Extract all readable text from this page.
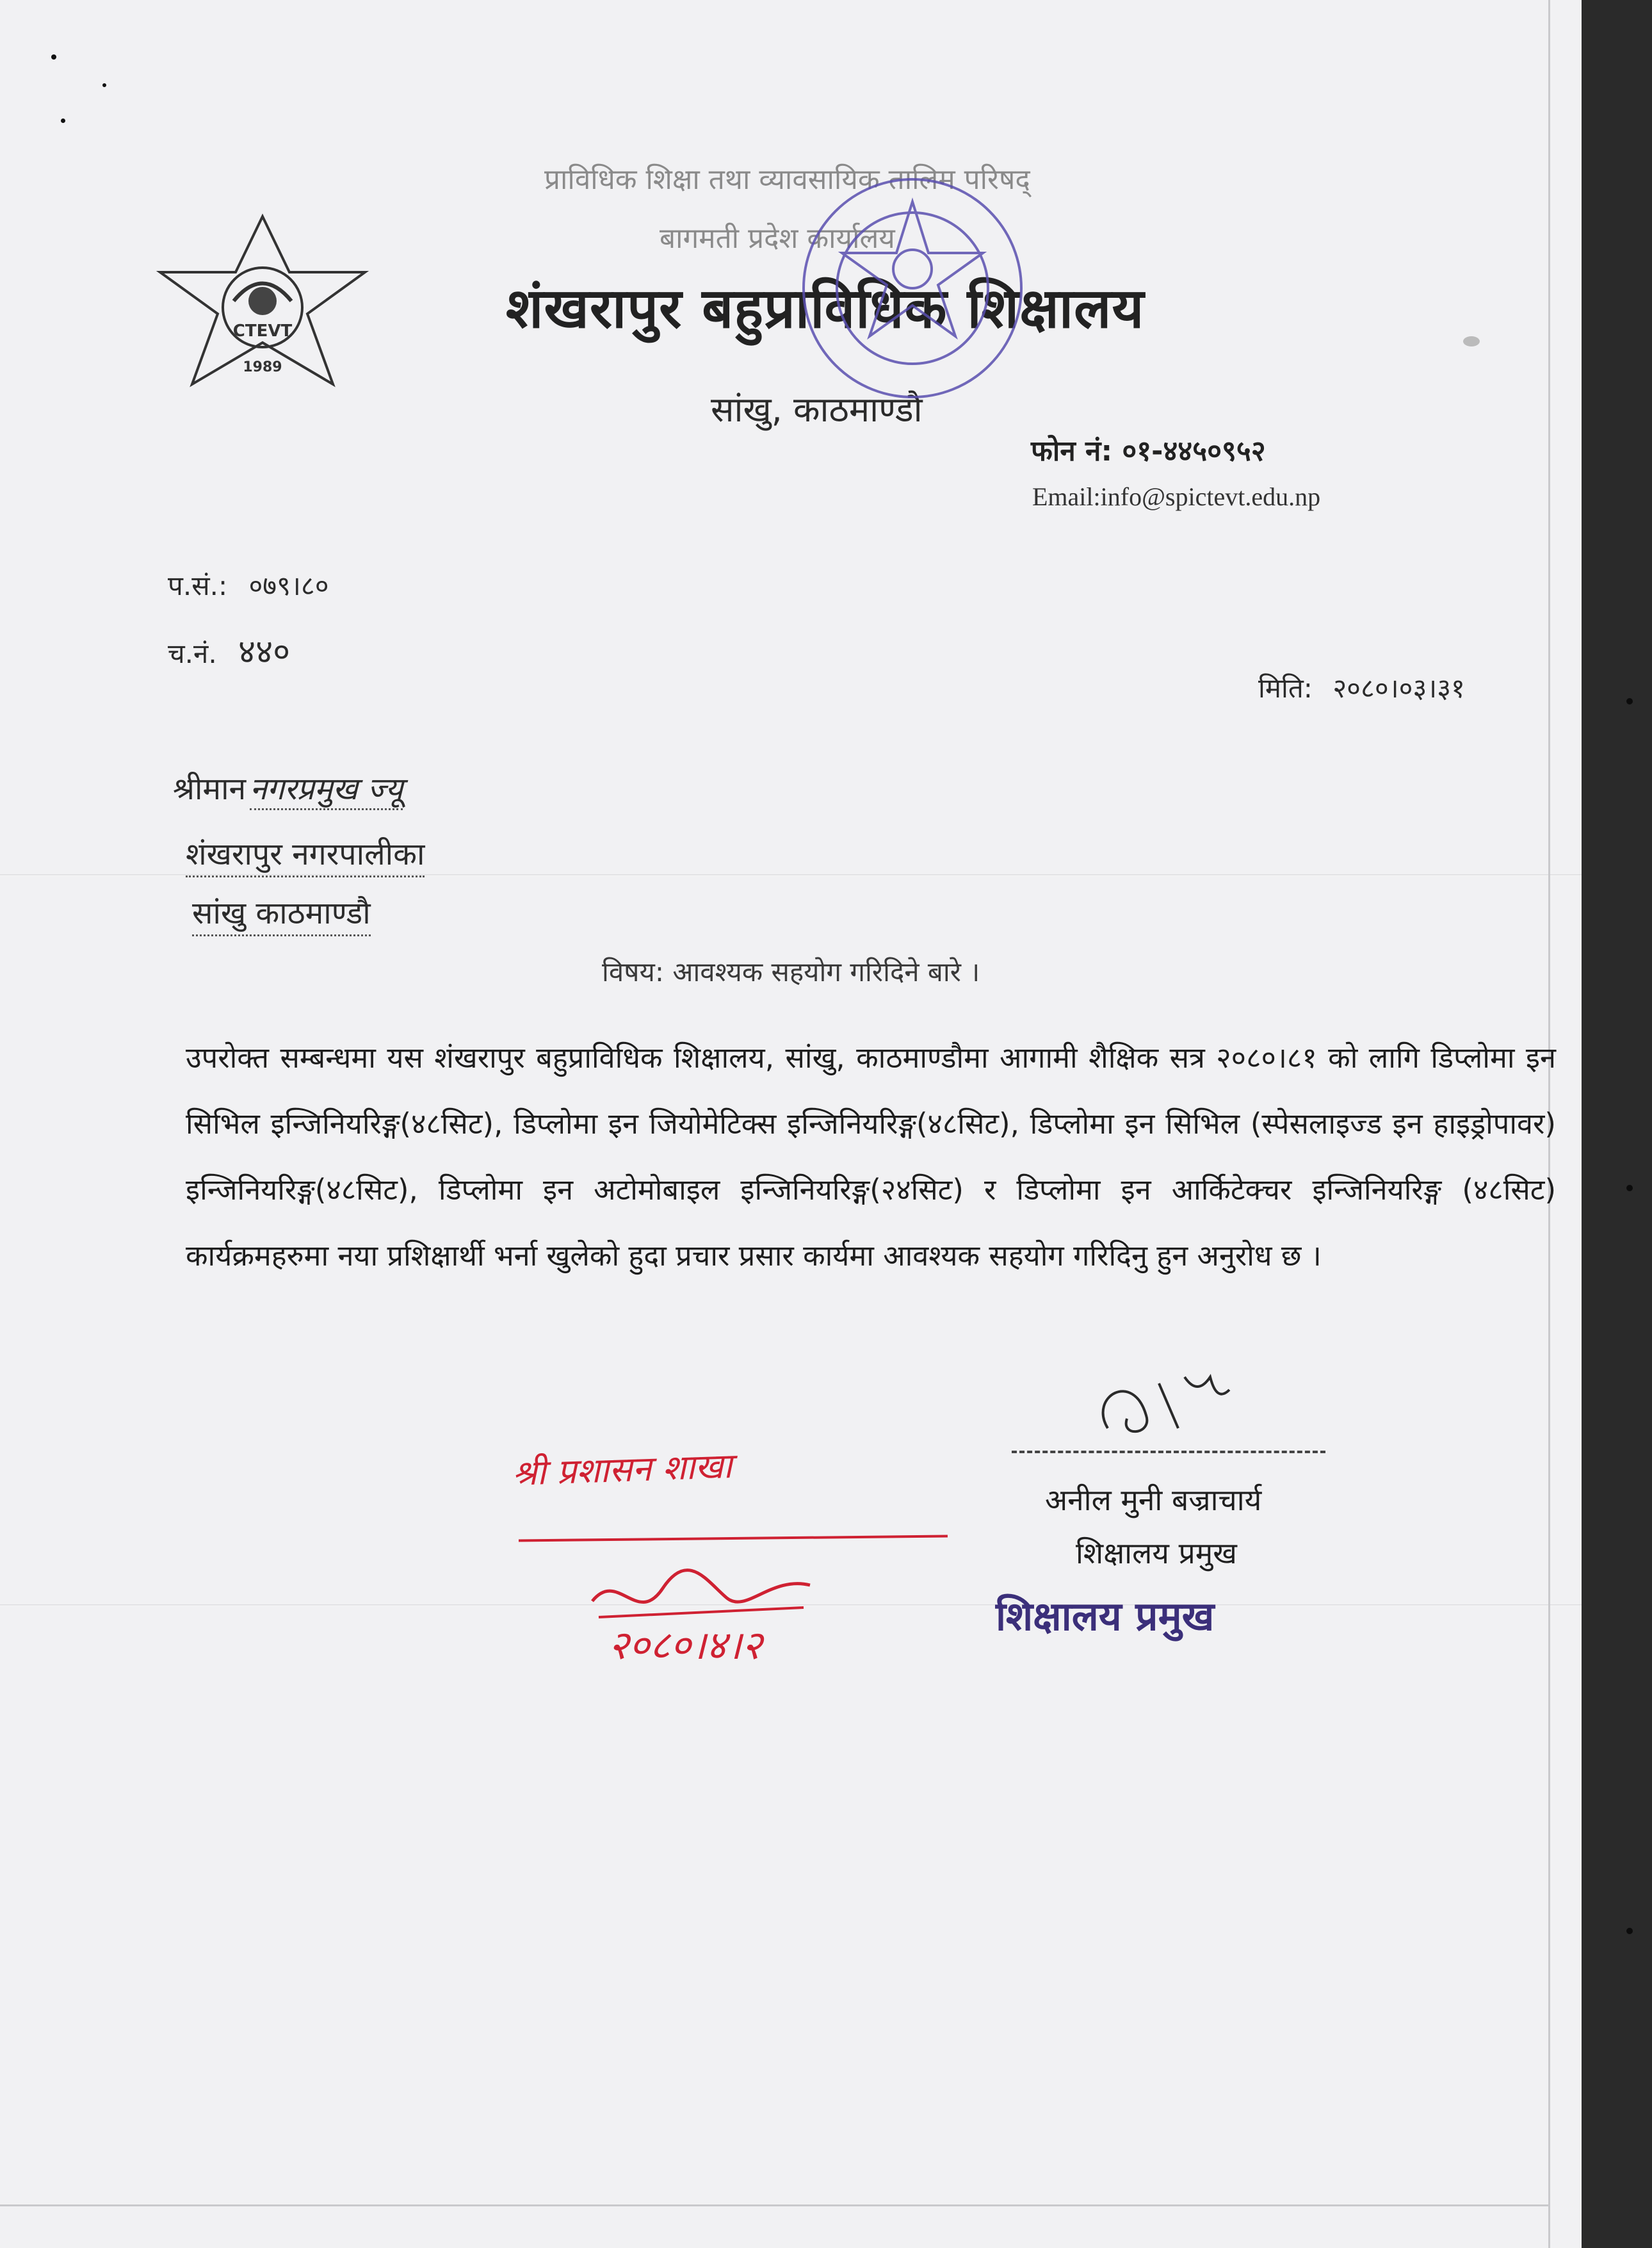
CTEVT
1989
प्राविधिक शिक्षा तथा व्यावसायिक तालिम परिषद्
बागमती प्रदेश कार्यालय
शंखरापुर बहुप्राविधिक शिक्षालय
सांखु, काठमाण्डौ
फोन नं: ०१-४४५०९५२
Email:info@spictevt.edu.np
प.सं.: ०७९।८०
च.नं. ४४०
मिति: २०८०।०३।३१
श्रीमान नगरप्रमुख ज्यू
शंखरापुर नगरपालीका
सांखु काठमाण्डौ
विषय: आवश्यक सहयोग गरिदिने बारे ।
उपरोक्त सम्बन्धमा यस शंखरापुर बहुप्राविधिक शिक्षालय, सांखु, काठमाण्डौमा आगामी शैक्षिक सत्र २०८०।८१ को लागि डिप्लोमा इन सिभिल इन्जिनियरिङ्ग(४८सिट), डिप्लोमा इन जियोमेटिक्स इन्जिनियरिङ्ग(४८सिट), डिप्लोमा इन सिभिल (स्पेसलाइज्ड इन हाइड्रोपावर) इन्जिनियरिङ्ग(४८सिट), डिप्लोमा इन अटोमोबाइल इन्जिनियरिङ्ग(२४सिट) र डिप्लोमा इन आर्किटेक्चर इन्जिनियरिङ्ग (४८सिट) कार्यक्रमहरुमा नया प्रशिक्षार्थी भर्ना खुलेको हुदा प्रचार प्रसार कार्यमा आवश्यक सहयोग गरिदिनु हुन अनुरोध छ ।
श्री प्रशासन शाखा
२०८०।४।२
अनील मुनी बज्राचार्य
शिक्षालय प्रमुख
शिक्षालय प्रमुख
